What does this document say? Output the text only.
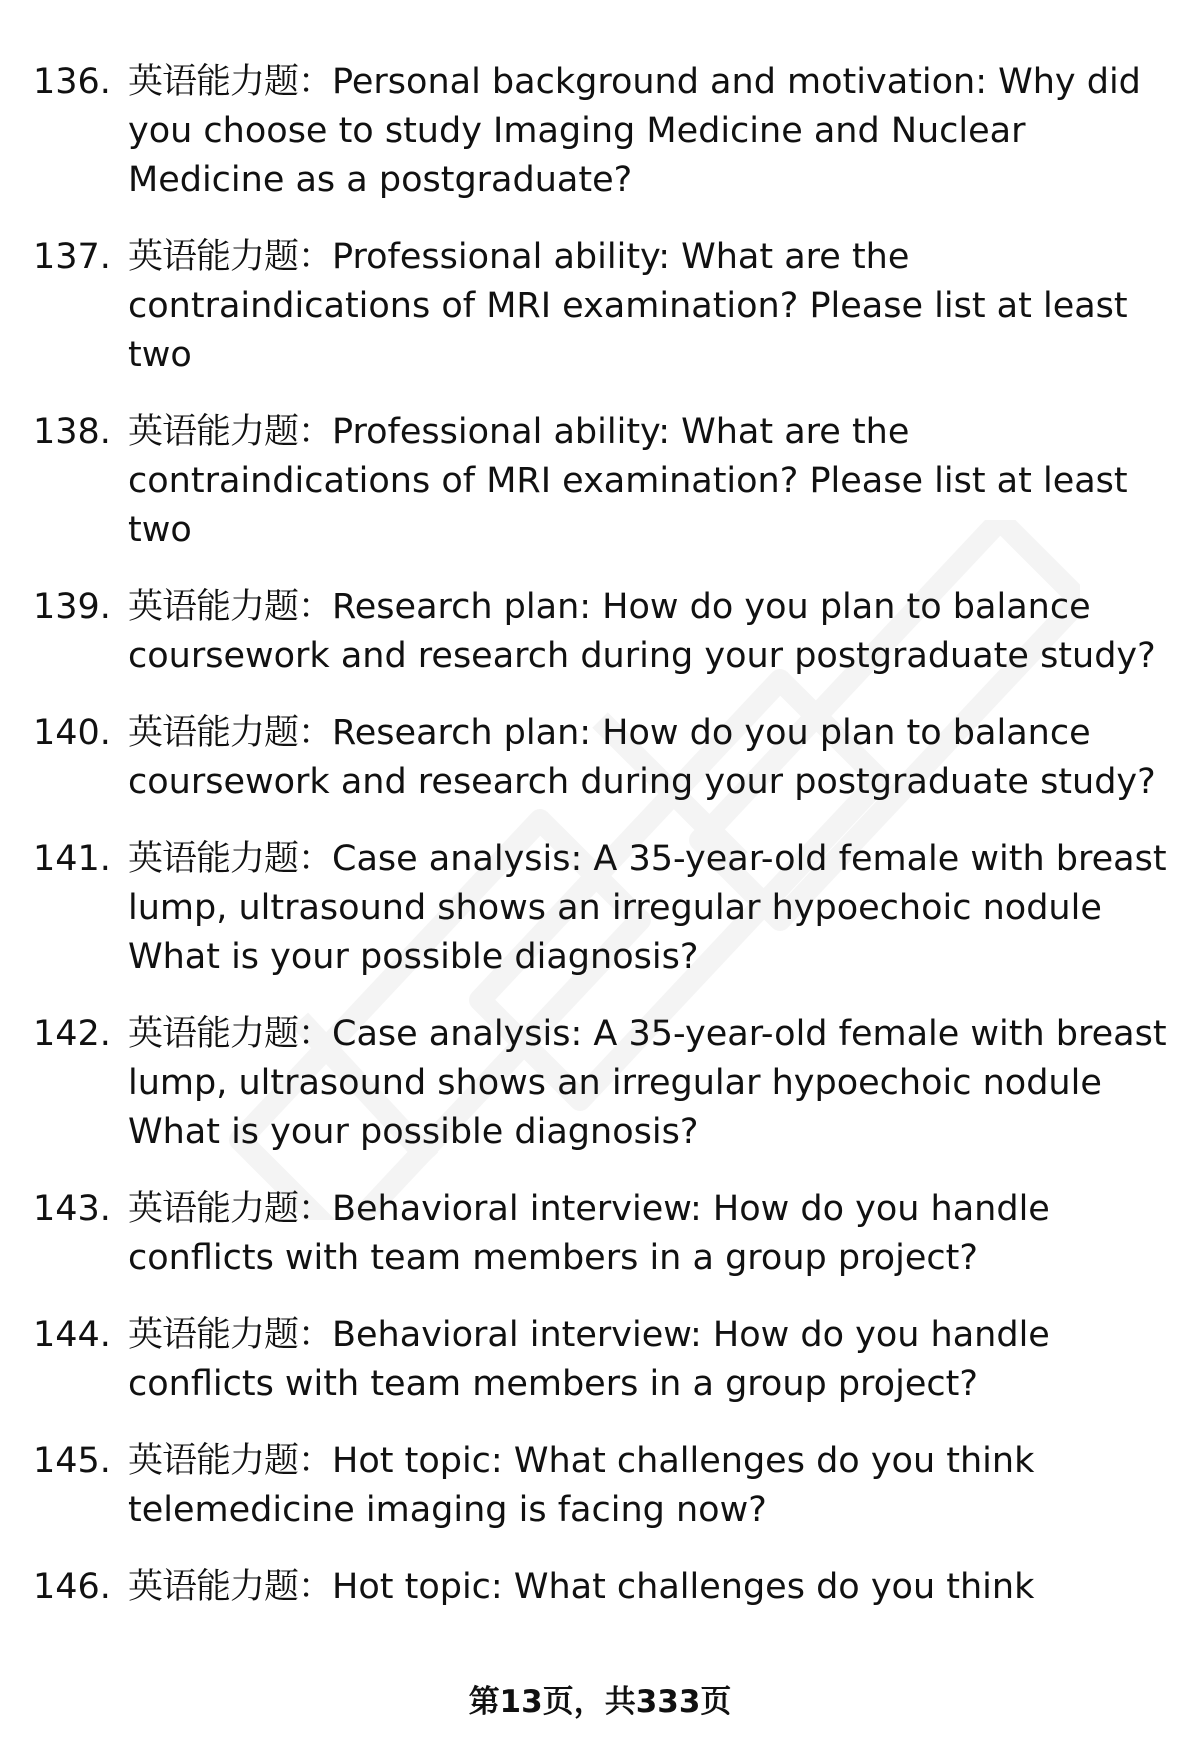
136. 英语能力题：Personal background and motivation: Why did you choose to study Imaging Medicine and Nuclear Medicine as a postgraduate?
137. 英语能力题：Professional ability: What are the contraindications of MRI examination? Please list at least two
138. 英语能力题：Professional ability: What are the contraindications of MRI examination? Please list at least two
139. 英语能力题：Research plan: How do you plan to balance coursework and research during your postgraduate study?
140. 英语能力题：Research plan: How do you plan to balance coursework and research during your postgraduate study?
141. 英语能力题：Case analysis: A 35-year-old female with breast lump, ultrasound shows an irregular hypoechoic nodule What is your possible diagnosis?
142. 英语能力题：Case analysis: A 35-year-old female with breast lump, ultrasound shows an irregular hypoechoic nodule What is your possible diagnosis?
143. 英语能力题：Behavioral interview: How do you handle conflicts with team members in a group project?
144. 英语能力题：Behavioral interview: How do you handle conflicts with team members in a group project?
145. 英语能力题：Hot topic: What challenges do you think telemedicine imaging is facing now?
146. 英语能力题：Hot topic: What challenges do you think
第13页，共333页
